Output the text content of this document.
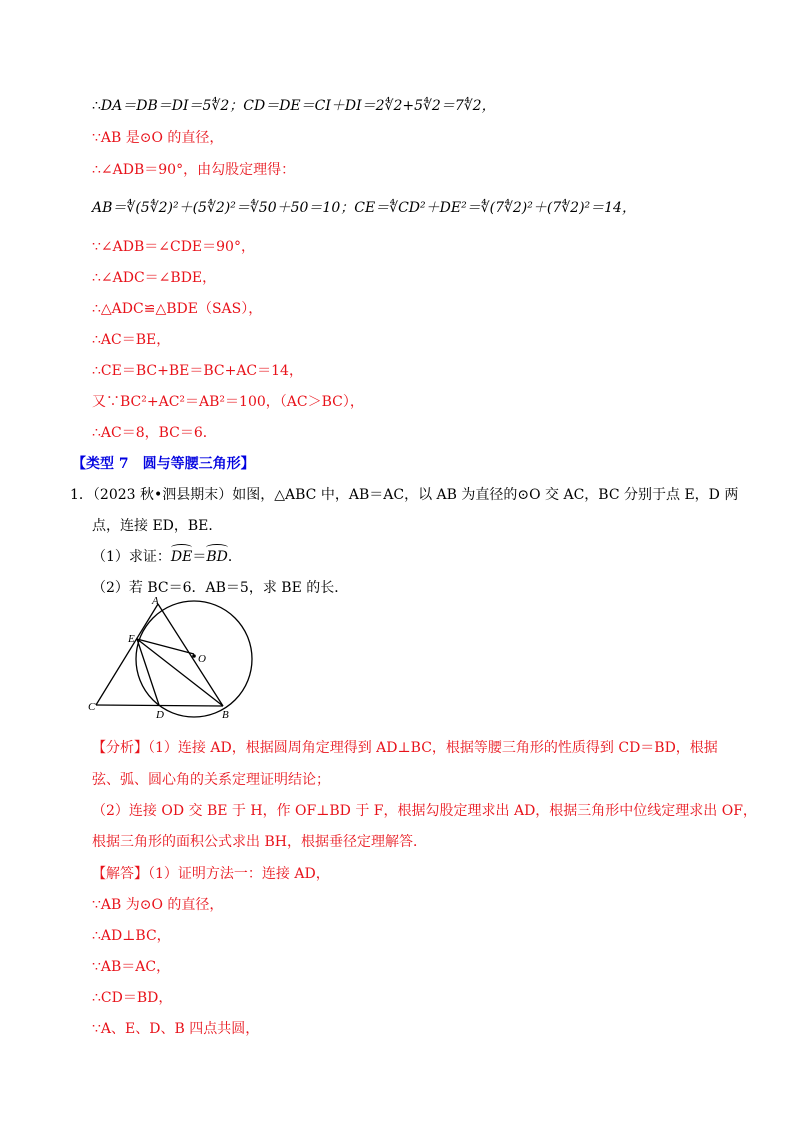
∴DA＝DB＝DI＝5∜2；CD＝DE＝CI＋DI＝2∜2+5∜2＝7∜2，
∵AB 是⊙O 的直径，
∴∠ADB＝90°，由勾股定理得：
AB＝∜(5∜2)²＋(5∜2)²＝∜50＋50＝10；CE＝∜CD²＋DE²＝∜(7∜2)²＋(7∜2)²＝14，
∵∠ADB＝∠CDE＝90°，
∴∠ADC＝∠BDE，
∴△ADC≌△BDE（SAS），
∴AC＝BE，
∴CE＝BC+BE＝BC+AC＝14，
又∵BC²+AC²＝AB²＝100，（AC＞BC），
∴AC＝8，BC＝6．
【类型 7　圆与等腰三角形】
1．（2023 秋•泗县期末）如图，△ABC 中，AB＝AC，以 AB 为直径的⊙O 交 AC，BC 分别于点 E，D 两
点，连接 ED，BE．
（1）求证：DE＝BD．
（2）若 BC＝6．AB＝5，求 BE 的长．
A
E
O
C
D	B
【分析】（1）连接 AD，根据圆周角定理得到 AD⊥BC，根据等腰三角形的性质得到 CD＝BD，根据
弦、弧、圆心角的关系定理证明结论；
（2）连接 OD 交 BE 于 H，作 OF⊥BD 于 F，根据勾股定理求出 AD，根据三角形中位线定理求出 OF，
根据三角形的面积公式求出 BH，根据垂径定理解答．
【解答】（1）证明方法一：连接 AD，
∵AB 为⊙O 的直径，
∴AD⊥BC，
∵AB＝AC，
∴CD＝BD，
∵A、E、D、B 四点共圆，
